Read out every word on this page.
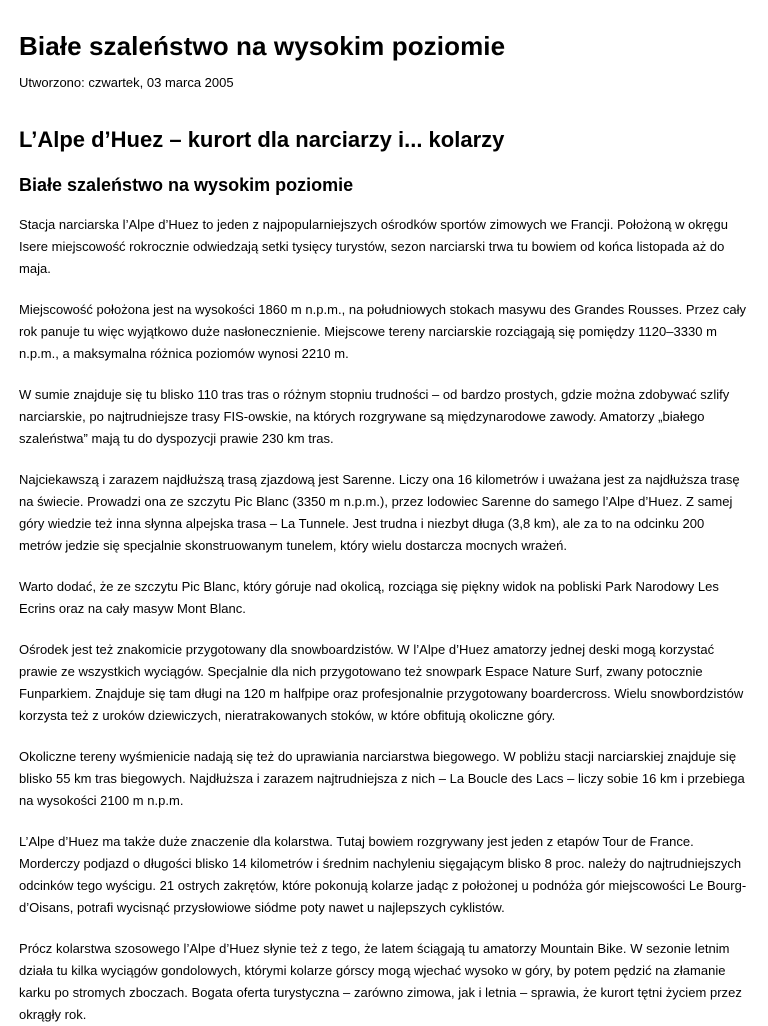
Białe szaleństwo na wysokim poziomie

Utworzono: czwartek, 03 marca 2005

L’Alpe d’Huez – kurort dla narciarzy i... kolarzy
Białe szaleństwo na wysokim poziomie

Stacja narciarska l’Alpe d’Huez to jeden z najpopularniejszych ośrodków sportów zimowych we Francji. Położoną w okręgu Isere miejscowość rokrocznie odwiedzają setki tysięcy turystów, sezon narciarski trwa tu bowiem od końca listopada aż do maja.

Miejscowość położona jest na wysokości 1860 m n.p.m., na południowych stokach masywu des Grandes Rousses. Przez cały rok panuje tu więc wyjątkowo duże nasłonecznienie. Miejscowe tereny narciarskie rozciągają się pomiędzy 1120–3330 m n.p.m., a maksymalna różnica poziomów wynosi 2210 m.

W sumie znajduje się tu blisko 110 tras tras o różnym stopniu trudności – od bardzo prostych, gdzie można zdobywać szlify narciarskie, po najtrudniejsze trasy FIS-owskie, na których rozgrywane są międzynarodowe zawody. Amatorzy „białego szaleństwa” mają tu do dyspozycji prawie 230 km tras.

Najciekawszą i zarazem najdłuższą trasą zjazdową jest Sarenne. Liczy ona 16 kilometrów i uważana jest za najdłuższa trasę na świecie. Prowadzi ona ze szczytu Pic Blanc (3350 m n.p.m.), przez lodowiec Sarenne do samego l’Alpe d’Huez. Z samej góry wiedzie też inna słynna alpejska trasa – La Tunnele. Jest trudna i niezbyt długa (3,8 km), ale za to na odcinku 200 metrów jedzie się specjalnie skonstruowanym tunelem, który wielu dostarcza mocnych wrażeń.

Warto dodać, że ze szczytu Pic Blanc, który góruje nad okolicą, rozciąga się piękny widok na pobliski Park Narodowy Les Ecrins oraz na cały masyw Mont Blanc.

Ośrodek jest też znakomicie przygotowany dla snowboardzistów. W l’Alpe d’Huez amatorzy jednej deski mogą korzystać prawie ze wszystkich wyciągów. Specjalnie dla nich przygotowano też snowpark Espace Nature Surf, zwany potocznie Funparkiem. Znajduje się tam długi na 120 m halfpipe oraz profesjonalnie przygotowany boardercross. Wielu snowbordzistów korzysta też z uroków dziewiczych, nieratrakowanych stoków, w które obfitują okoliczne góry.

Okoliczne tereny wyśmienicie nadają się też do uprawiania narciarstwa biegowego. W pobliżu stacji narciarskiej znajduje się blisko 55 km tras biegowych. Najdłuższa i zarazem najtrudniejsza z nich – La Boucle des Lacs – liczy sobie 16 km i przebiega na wysokości 2100 m n.p.m.

L’Alpe d’Huez ma także duże znaczenie dla kolarstwa. Tutaj bowiem rozgrywany jest jeden z etapów Tour de France. Morderczy podjazd o długości blisko 14 kilometrów i średnim nachyleniu sięgającym blisko 8 proc. należy do najtrudniejszych odcinków tego wyścigu. 21 ostrych zakrętów, które pokonują kolarze jadąc z położonej u podnóża gór miejscowości Le Bourg-d’Oisans, potrafi wycisnąć przysłowiowe siódme poty nawet u najlepszych cyklistów.

Prócz kolarstwa szosowego l’Alpe d’Huez słynie też z tego, że latem ściągają tu amatorzy Mountain Bike. W sezonie letnim działa tu kilka wyciągów gondolowych, którymi kolarze górscy mogą wjechać wysoko w góry, by potem pędzić na złamanie karku po stromych zboczach. Bogata oferta turystyczna – zarówno zimowa, jak i letnia – sprawia, że kurort tętni życiem przez okrągły rok.
